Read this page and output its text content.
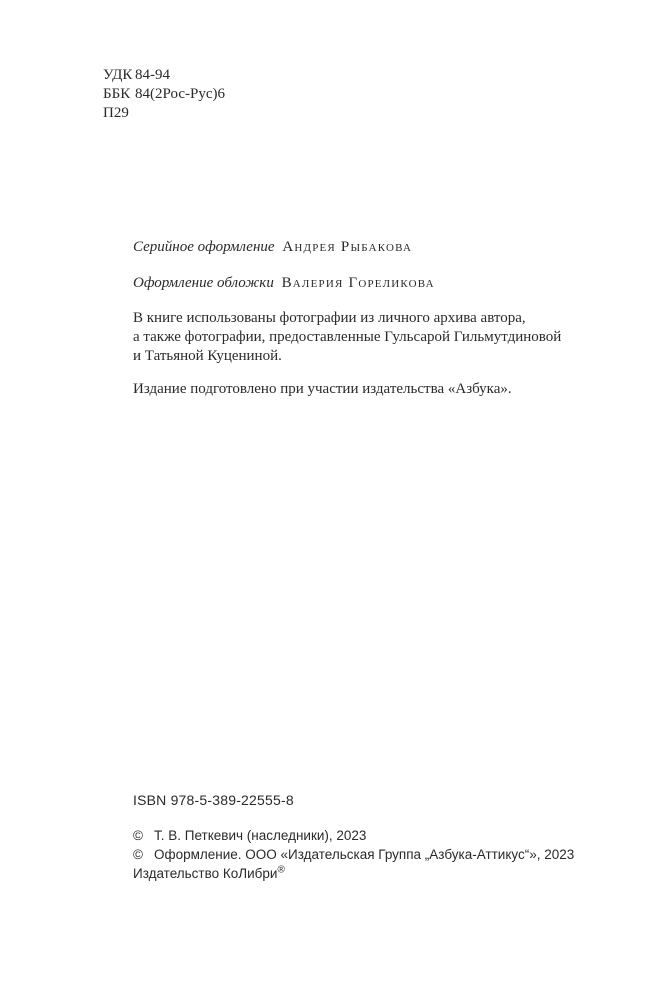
УДК 84-94
ББК 84(2Рос-Рус)6
П29
Серийное оформление Андрея Рыбакова
Оформление обложки Валерия Гореликова
В книге использованы фотографии из личного архива автора,
а также фотографии, предоставленные Гульсарой Гильмутдиновой
и Татьяной Куцениной.
Издание подготовлено при участии издательства «Азбука».
ISBN 978-5-389-22555-8
© Т. В. Петкевич (наследники), 2023
© Оформление. ООО «Издательская Группа „Азбука-Аттикус“», 2023
Издательство КоЛибри®
